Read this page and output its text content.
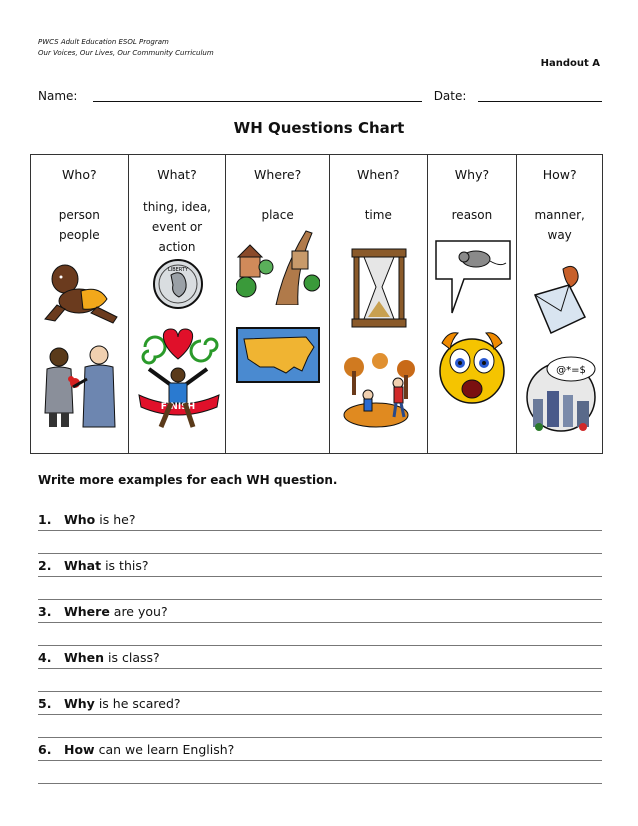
PWCS Adult Education ESOL Program
Our Voices, Our Lives, Our Community Curriculum
Handout A
Name:	Date:
WH Questions Chart
Who?
person
people
What?
thing, idea,
event or
action
LIBERTY
FINISH
Where?
place
When?
time
Why?
reason
How?
manner,
way
@*=$
Write more examples for each WH question.
1. Who is he?
2. What is this?
3. Where are you?
4. When is class?
5. Why is he scared?
6. How can we learn English?
